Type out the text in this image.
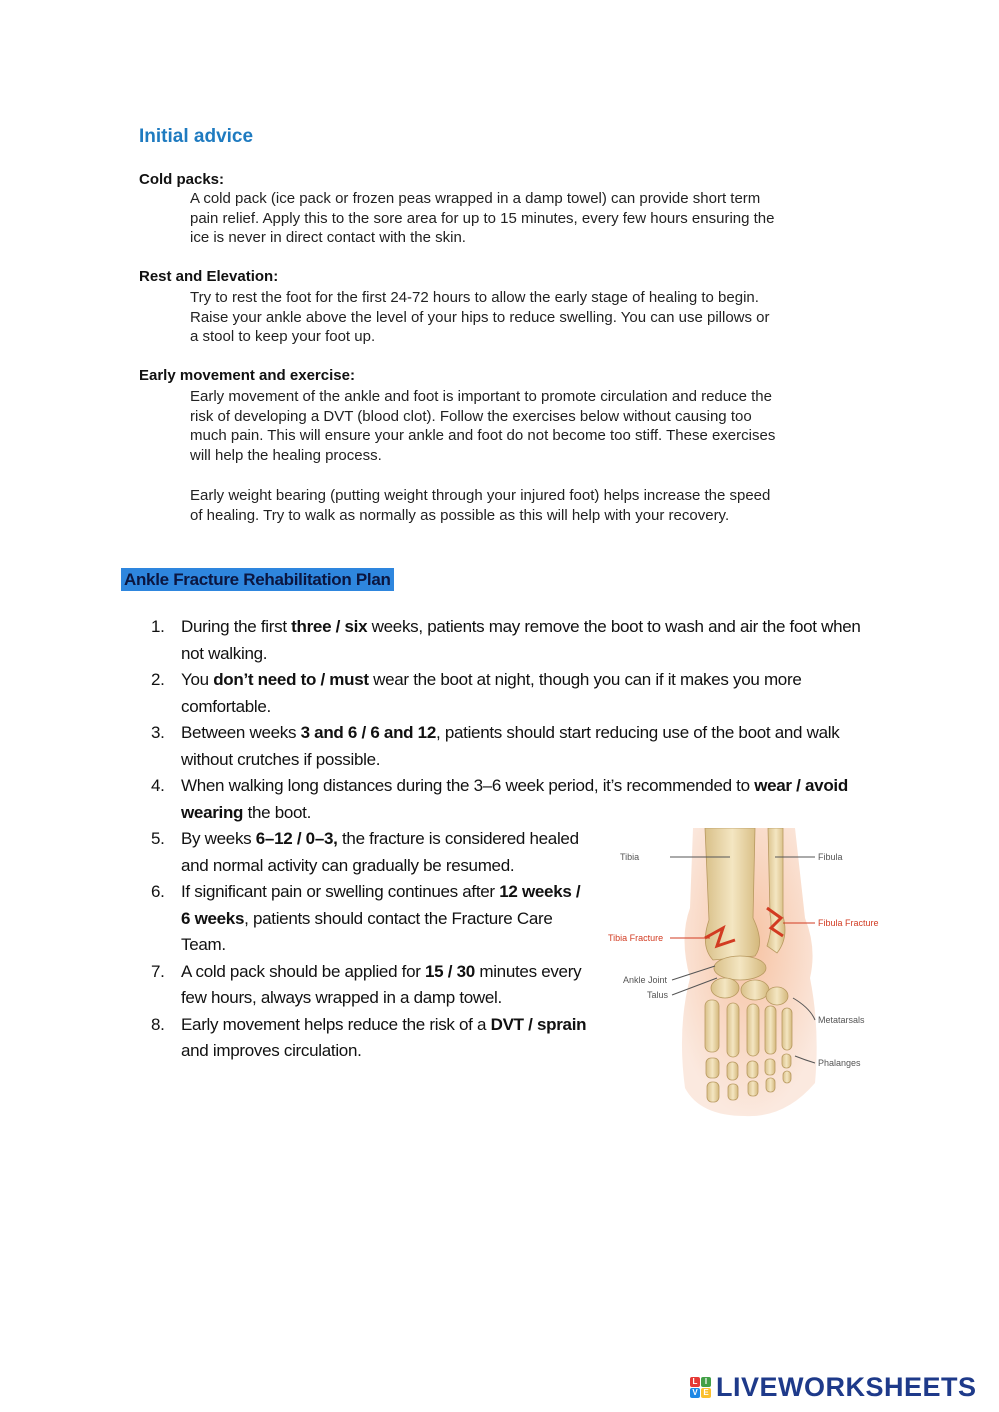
Initial advice
Cold packs:
A cold pack (ice pack or frozen peas wrapped in a damp towel) can provide short term
pain relief. Apply this to the sore area for up to 15 minutes, every few hours ensuring the
ice is never in direct contact with the skin.
Rest and Elevation:
Try to rest the foot for the first 24-72 hours to allow the early stage of healing to begin.
Raise your ankle above the level of your hips to reduce swelling. You can use pillows or
a stool to keep your foot up.
Early movement and exercise:
Early movement of the ankle and foot is important to promote circulation and reduce the
risk of developing a DVT (blood clot). Follow the exercises below without causing too
much pain. This will ensure your ankle and foot do not become too stiff. These exercises
will help the healing process.
Early weight bearing (putting weight through your injured foot) helps increase the speed
of healing. Try to walk as normally as possible as this will help with your recovery.
Ankle Fracture Rehabilitation Plan
1. During the first three / six weeks, patients may remove the boot to wash and air the foot when
not walking.
2. You don’t need to / must wear the boot at night, though you can if it makes you more
comfortable.
3. Between weeks 3 and 6 / 6 and 12, patients should start reducing use of the boot and walk
without crutches if possible.
4. When walking long distances during the 3–6 week period, it’s recommended to wear / avoid
wearing the boot.
5. By weeks 6–12 / 0–3, the fracture is considered healed
and normal activity can gradually be resumed.
6. If significant pain or swelling continues after 12 weeks /
6 weeks, patients should contact the Fracture Care
Team.
7. A cold pack should be applied for 15 / 30 minutes every
few hours, always wrapped in a damp towel.
8. Early movement helps reduce the risk of a DVT / sprain
and improves circulation.
Tibia	Fibula
Tibia Fracture
Fibula Fracture
Ankle Joint
Talus
Metatarsals
Phalanges
L I
V E LIVEWORKSHEETS
